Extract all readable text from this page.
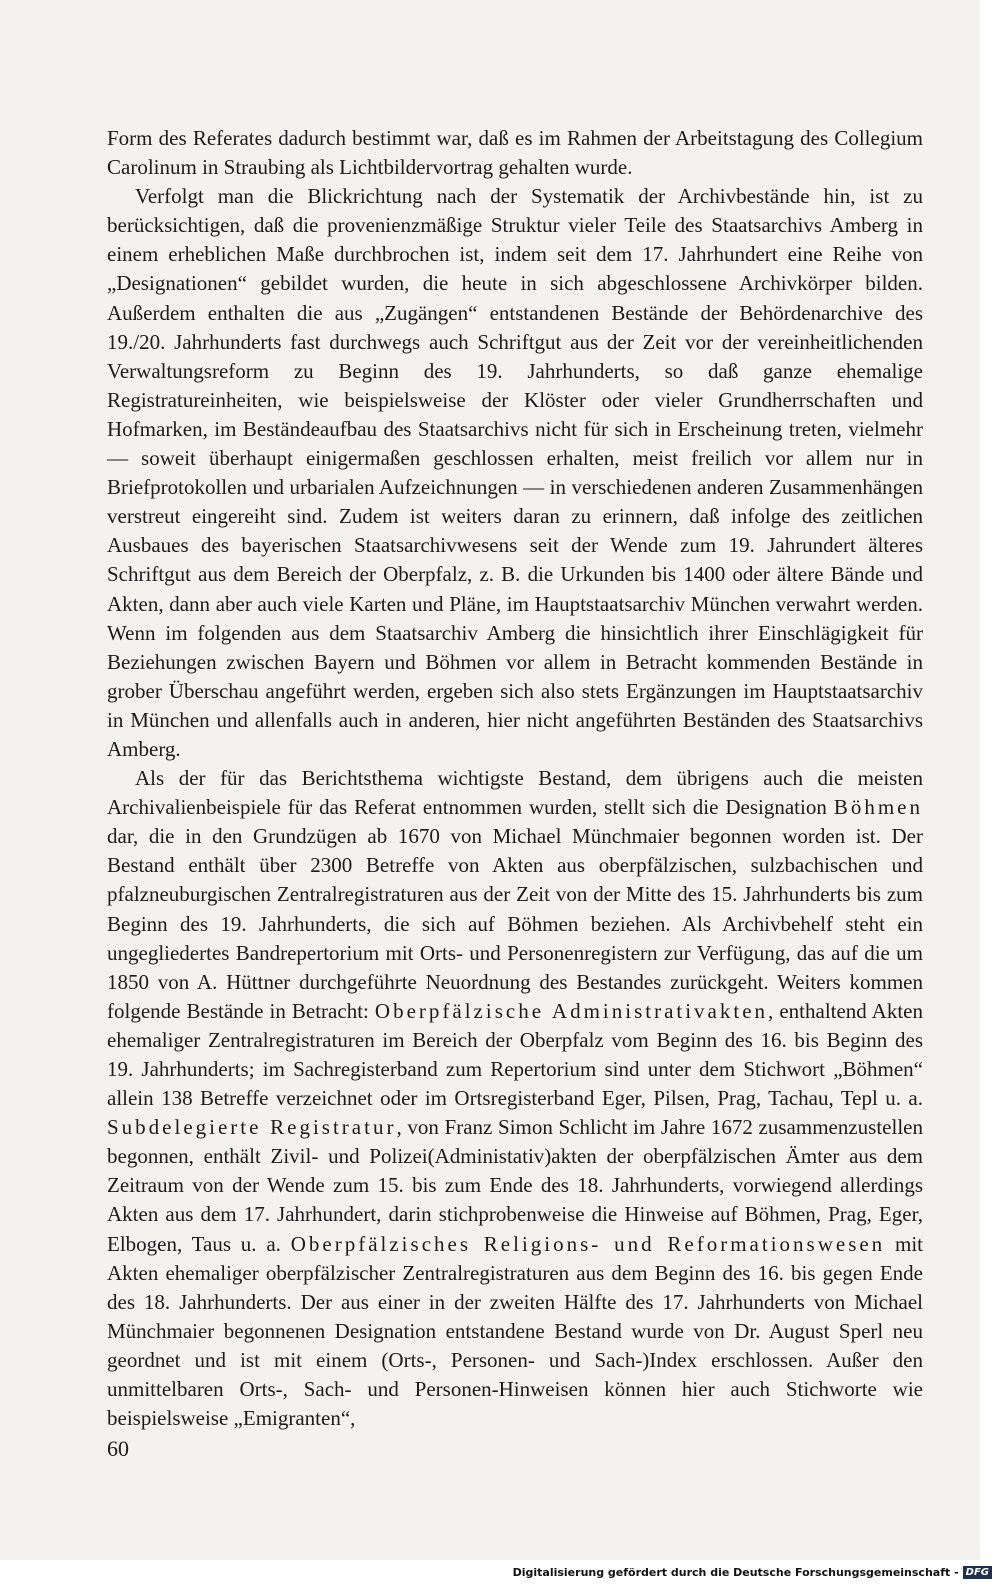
Form des Referates dadurch bestimmt war, daß es im Rahmen der Arbeitstagung des Collegium Carolinum in Straubing als Lichtbildervortrag gehalten wurde.

Verfolgt man die Blickrichtung nach der Systematik der Archivbestände hin, ist zu berücksichtigen, daß die provenienzmäßige Struktur vieler Teile des Staatsarchivs Amberg in einem erheblichen Maße durchbrochen ist, indem seit dem 17. Jahrhundert eine Reihe von „Designationen“ gebildet wurden, die heute in sich abgeschlossene Archivkörper bilden. Außerdem enthalten die aus „Zugängen“ entstandenen Bestände der Behördenarchive des 19./20. Jahrhunderts fast durchwegs auch Schriftgut aus der Zeit vor der vereinheitlichenden Verwaltungsreform zu Beginn des 19. Jahrhunderts, so daß ganze ehemalige Registratureinheiten, wie beispielsweise der Klöster oder vieler Grundherrschaften und Hofmarken, im Beständeaufbau des Staatsarchivs nicht für sich in Erscheinung treten, vielmehr — soweit überhaupt einigermaßen geschlossen erhalten, meist freilich vor allem nur in Briefprotokollen und urbarialen Aufzeichnungen — in verschiedenen anderen Zusammenhängen verstreut eingereiht sind. Zudem ist weiters daran zu erinnern, daß infolge des zeitlichen Ausbaues des bayerischen Staatsarchivwesens seit der Wende zum 19. Jahrundert älteres Schriftgut aus dem Bereich der Oberpfalz, z. B. die Urkunden bis 1400 oder ältere Bände und Akten, dann aber auch viele Karten und Pläne, im Hauptstaatsarchiv München verwahrt werden. Wenn im folgenden aus dem Staatsarchiv Amberg die hinsichtlich ihrer Einschlägigkeit für Beziehungen zwischen Bayern und Böhmen vor allem in Betracht kommenden Bestände in grober Überschau angeführt werden, ergeben sich also stets Ergänzungen im Hauptstaatsarchiv in München und allenfalls auch in anderen, hier nicht angeführten Beständen des Staatsarchivs Amberg.

Als der für das Berichtsthema wichtigste Bestand, dem übrigens auch die meisten Archivalienbeispiele für das Referat entnommen wurden, stellt sich die Designation Böhmen dar, die in den Grundzügen ab 1670 von Michael Münchmaier begonnen worden ist. Der Bestand enthält über 2300 Betreffe von Akten aus oberpfälzischen, sulzbachischen und pfalzneuburgischen Zentralregistraturen aus der Zeit von der Mitte des 15. Jahrhunderts bis zum Beginn des 19. Jahrhunderts, die sich auf Böhmen beziehen. Als Archivbehelf steht ein ungegliedertes Bandrepertorium mit Orts- und Personenregistern zur Verfügung, das auf die um 1850 von A. Hüttner durchgeführte Neuordnung des Bestandes zurückgeht. Weiters kommen folgende Bestände in Betracht: Oberpfälzische Administrativakten, enthaltend Akten ehemaliger Zentralregistraturen im Bereich der Oberpfalz vom Beginn des 16. bis Beginn des 19. Jahrhunderts; im Sachregisterband zum Repertorium sind unter dem Stichwort „Böhmen“ allein 138 Betreffe verzeichnet oder im Ortsregisterband Eger, Pilsen, Prag, Tachau, Tepl u. a. Subdelegierte Registratur, von Franz Simon Schlicht im Jahre 1672 zusammenzustellen begonnen, enthält Zivil- und Polizei(Administativ)akten der oberpfälzischen Ämter aus dem Zeitraum von der Wende zum 15. bis zum Ende des 18. Jahrhunderts, vorwiegend allerdings Akten aus dem 17. Jahrhundert, darin stichprobenweise die Hinweise auf Böhmen, Prag, Eger, Elbogen, Taus u. a. Oberpfälzisches Religions- und Reformationswesen mit Akten ehemaliger oberpfälzischer Zentralregistraturen aus dem Beginn des 16. bis gegen Ende des 18. Jahrhunderts. Der aus einer in der zweiten Hälfte des 17. Jahrhunderts von Michael Münchmaier begonnenen Designation entstandene Bestand wurde von Dr. August Sperl neu geordnet und ist mit einem (Orts-, Personen- und Sach-)Index erschlossen. Außer den unmittelbaren Orts-, Sach- und Personen-Hinweisen können hier auch Stichworte wie beispielsweise „Emigranten“,

60
Digitalisierung gefördert durch die Deutsche Forschungsgemeinschaft - DFG
